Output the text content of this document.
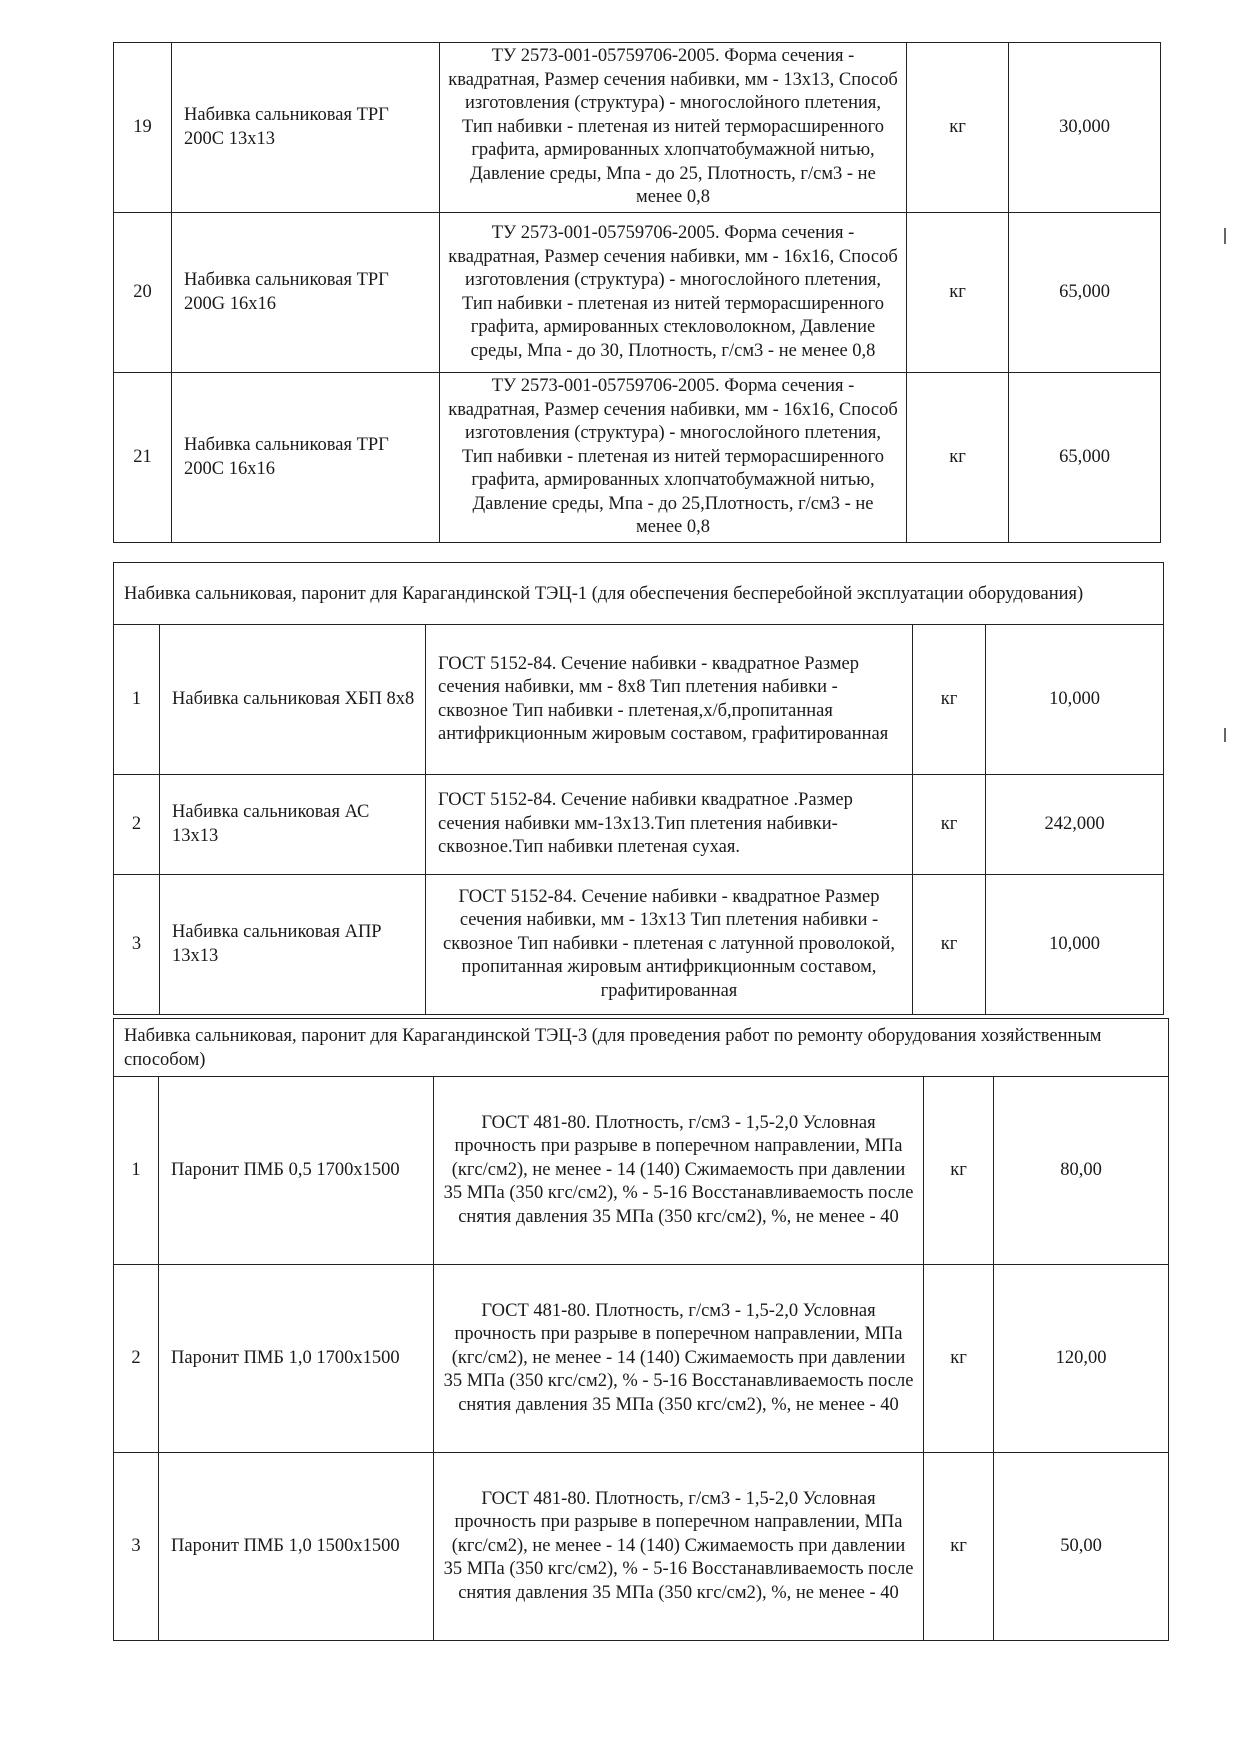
19	Набивка сальниковая ТРГ 200С 13х13	ТУ 2573-001-05759706-2005. Форма сечения - квадратная, Размер сечения набивки, мм - 13х13, Способ изготовления (структура) - многослойного плетения, Тип набивки - плетеная из нитей терморасширенного графита, армированных хлопчатобумажной нитью, Давление среды, Мпа - до 25, Плотность, г/см3 - не менее 0,8	кг	30,000
20	Набивка сальниковая ТРГ 200G 16х16	ТУ 2573-001-05759706-2005. Форма сечения - квадратная, Размер сечения набивки, мм - 16х16, Способ изготовления (структура) - многослойного плетения, Тип набивки - плетеная из нитей терморасширенного графита, армированных стекловолокном, Давление среды, Мпа - до 30, Плотность, г/см3 - не менее 0,8	кг	65,000
21	Набивка сальниковая ТРГ 200С 16х16	ТУ 2573-001-05759706-2005. Форма сечения - квадратная, Размер сечения набивки, мм - 16х16, Способ изготовления (структура) - многослойного плетения, Тип набивки - плетеная из нитей терморасширенного графита, армированных хлопчатобумажной нитью, Давление среды, Мпа - до 25,Плотность, г/см3 - не менее 0,8	кг	65,000
Набивка сальниковая, паронит для Карагандинской ТЭЦ-1 (для обеспечения бесперебойной эксплуатации оборудования)				
1	Набивка сальниковая ХБП 8х8	ГОСТ 5152-84. Сечение набивки - квадратное Размер сечения набивки, мм - 8х8 Тип плетения набивки - сквозное Тип набивки - плетеная,х/б,пропитанная антифрикционным жировым составом, графитированная	кг	10,000
2	Набивка сальниковая АС 13х13	ГОСТ 5152-84. Сечение набивки квадратное .Размер сечения набивки мм-13х13.Тип плетения набивки-сквозное.Тип набивки плетеная сухая.	кг	242,000
3	Набивка сальниковая АПР 13х13	ГОСТ 5152-84. Сечение набивки - квадратное Размер сечения набивки, мм - 13х13 Тип плетения набивки - сквозное Тип набивки - плетеная с латунной проволокой, пропитанная жировым антифрикционным составом, графитированная	кг	10,000
Набивка сальниковая, паронит для Карагандинской ТЭЦ-3 (для проведения работ по ремонту оборудования хозяйственным способом)				
1	Паронит ПМБ 0,5 1700х1500	ГОСТ 481-80. Плотность, г/см3 - 1,5-2,0 Условная прочность при разрыве в поперечном направлении, МПа (кгс/см2), не менее - 14 (140) Сжимаемость при давлении 35 МПа (350 кгс/см2), % - 5-16 Восстанавливаемость после снятия давления 35 МПа (350 кгс/см2), %, не менее - 40	кг	80,00
2	Паронит ПМБ 1,0 1700х1500	ГОСТ 481-80. Плотность, г/см3 - 1,5-2,0 Условная прочность при разрыве в поперечном направлении, МПа (кгс/см2), не менее - 14 (140) Сжимаемость при давлении 35 МПа (350 кгс/см2), % - 5-16 Восстанавливаемость после снятия давления 35 МПа (350 кгс/см2), %, не менее - 40	кг	120,00
3	Паронит ПМБ 1,0 1500х1500	ГОСТ 481-80. Плотность, г/см3 - 1,5-2,0 Условная прочность при разрыве в поперечном направлении, МПа (кгс/см2), не менее - 14 (140) Сжимаемость при давлении 35 МПа (350 кгс/см2), % - 5-16 Восстанавливаемость после снятия давления 35 МПа (350 кгс/см2), %, не менее - 40	кг	50,00
